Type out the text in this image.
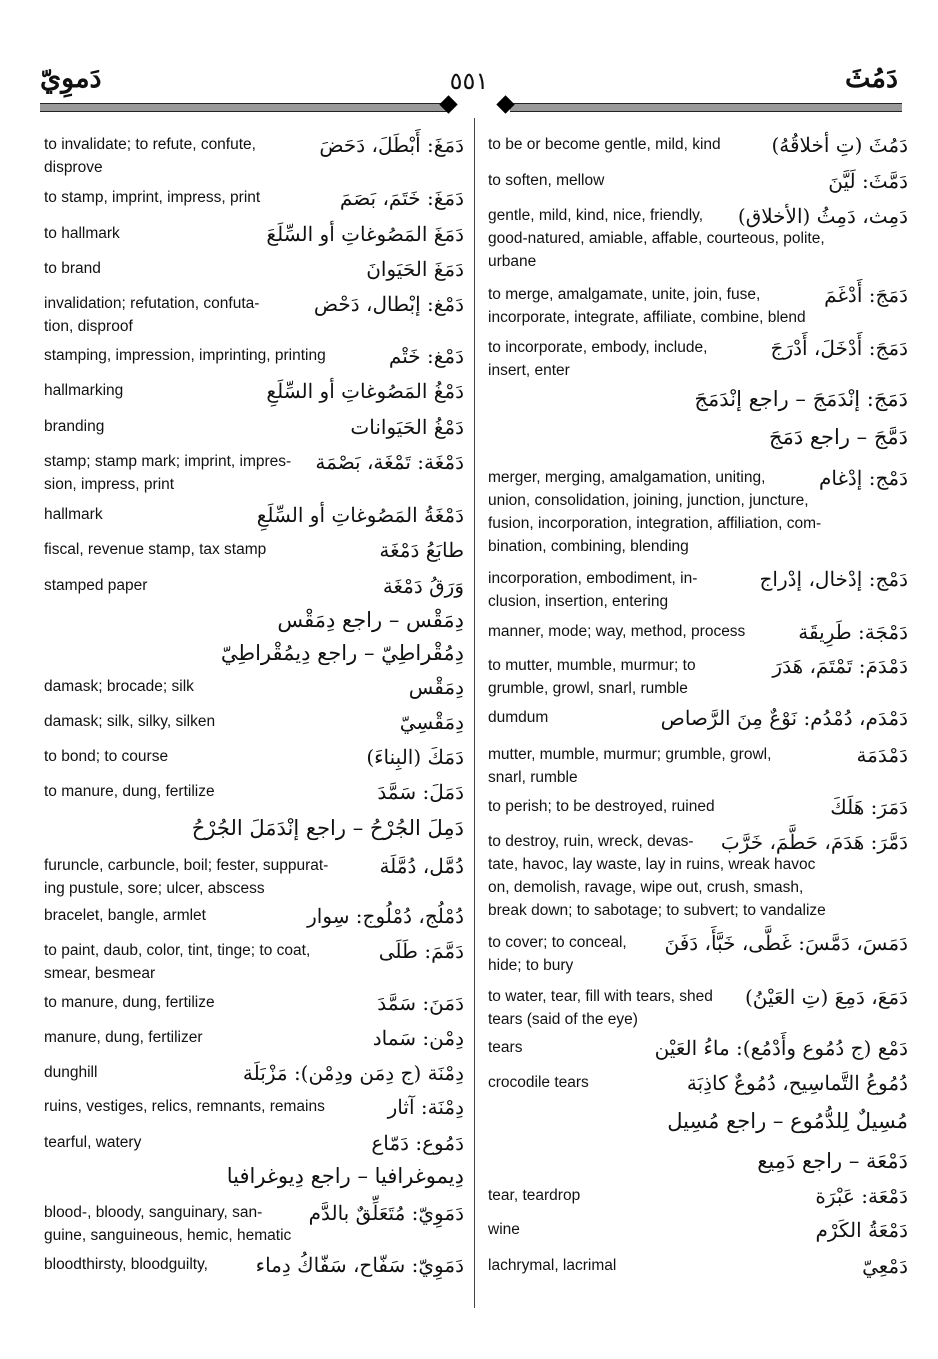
دَموِيّ	٥٥١	دَمُثَ
دَمَغَ: أَبْطَلَ، دَحَضَ
to invalidate; to refute, confute,
disprove
دَمَغَ: خَتَمَ، بَصَمَ
to stamp, imprint, impress, print
دَمَغَ المَصُوغاتِ أو السِّلَعَ
to hallmark
دَمَغَ الحَيَوانَ
to brand
دَمْغ: إبْطال، دَحْض
invalidation; refutation, confuta-
tion, disproof
دَمْغ: خَتْم
stamping, impression, imprinting, printing
دَمْغُ المَصُوغاتِ أو السِّلَعِ
hallmarking
دَمْغُ الحَيَوانات
branding
دَمْغَة: تَمْغَة، بَصْمَة
stamp; stamp mark; imprint, impres-
sion, impress, print
دَمْغَةُ المَصُوغاتِ أو السِّلَعِ
hallmark
طابَعُ دَمْغَة
fiscal, revenue stamp, tax stamp
وَرَقُ دَمْغَة
stamped paper
دِمَقْس – راجع دِمَقْس
دِمُقْراطِيّ – راجع دِيمُقْراطِيّ
دِمَقْس
damask; brocade; silk
دِمَقْسِيّ
damask; silk, silky, silken
دَمَكَ (البِناءَ)
to bond; to course
دَمَلَ: سَمَّدَ
to manure, dung, fertilize
دَمِلَ الجُرْحُ – راجع إنْدَمَلَ الجُرْحُ
دُمَّل، دُمَّلَة
furuncle, carbuncle, boil; fester, suppurat-
ing pustule, sore; ulcer, abscess
دُمْلُج، دُمْلُوج: سِوار
bracelet, bangle, armlet
دَمَّمَ: طَلَى
to paint, daub, color, tint, tinge; to coat,
smear, besmear
دَمَنَ: سَمَّدَ
to manure, dung, fertilize
دِمْن: سَماد
manure, dung, fertilizer
دِمْنَة (ج دِمَن ودِمْن): مَزْبَلَة
dunghill
دِمْنَة: آثار
ruins, vestiges, relics, remnants, remains
دَمُوع: دَمّاع
tearful, watery
دِيموغرافيا – راجع دِيوغرافيا
دَمَوِيّ: مُتَعَلِّقٌ بالدَّم
blood-, bloody, sanguinary, san-
guine, sanguineous, hemic, hematic
دَمَوِيّ: سَفّاح، سَفّاكُ دِماء
bloodthirsty, bloodguilty,
دَمُثَ (تِ أخلاقُهُ)
to be or become gentle, mild, kind
دَمَّثَ: لَيَّنَ
to soften, mellow
دَمِث، دَمِثُ (الأخلاق)
gentle, mild, kind, nice, friendly,
good-natured, amiable, affable, courteous, polite,
urbane
دَمَجَ: أَدْغَمَ
to merge, amalgamate, unite, join, fuse,
incorporate, integrate, affiliate, combine, blend
دَمَجَ: أَدْخَلَ، أَدْرَجَ
to incorporate, embody, include,
insert, enter
دَمَجَ: إنْدَمَجَ – راجع إنْدَمَجَ
دَمَّجَ – راجع دَمَجَ
دَمْج: إدْغام
merger, merging, amalgamation, uniting,
union, consolidation, joining, junction, juncture,
fusion, incorporation, integration, affiliation, com-
bination, combining, blending
دَمْج: إدْخال، إدْراج
incorporation, embodiment, in-
clusion, insertion, entering
دَمْجَة: طَرِيقَة
manner, mode; way, method, process
دَمْدَمَ: تَمْتَمَ، هَدَرَ
to mutter, mumble, murmur; to
grumble, growl, snarl, rumble
دَمْدَم، دُمْدُم: نَوْعٌ مِنَ الرَّصاص
dumdum
دَمْدَمَة
mutter, mumble, murmur; grumble, growl,
snarl, rumble
دَمَرَ: هَلَكَ
to perish; to be destroyed, ruined
دَمَّرَ: هَدَمَ، حَطَّمَ، خَرَّبَ
to destroy, ruin, wreck, devas-
tate, havoc, lay waste, lay in ruins, wreak havoc
on, demolish, ravage, wipe out, crush, smash,
break down; to sabotage; to subvert; to vandalize
دَمَسَ، دَمَّسَ: غَطَّى، خَبَّأَ، دَفَنَ
to cover; to conceal,
hide; to bury
دَمَعَ، دَمِعَ (تِ العَيْنُ)
to water, tear, fill with tears, shed
tears (said of the eye)
دَمْع (ج دُمُوع وأَدْمُع): ماءُ العَيْن
tears
دُمُوعُ التَّماسِيح، دُمُوعٌ كاذِبَة
crocodile tears
مُسِيلٌ لِلدُّمُوع – راجع مُسِيل
دَمْعَة – راجع دَمِيع
دَمْعَة: عَبْرَة
tear, teardrop
دَمْعَةُ الكَرْم
wine
دَمْعِيّ
lachrymal, lacrimal
